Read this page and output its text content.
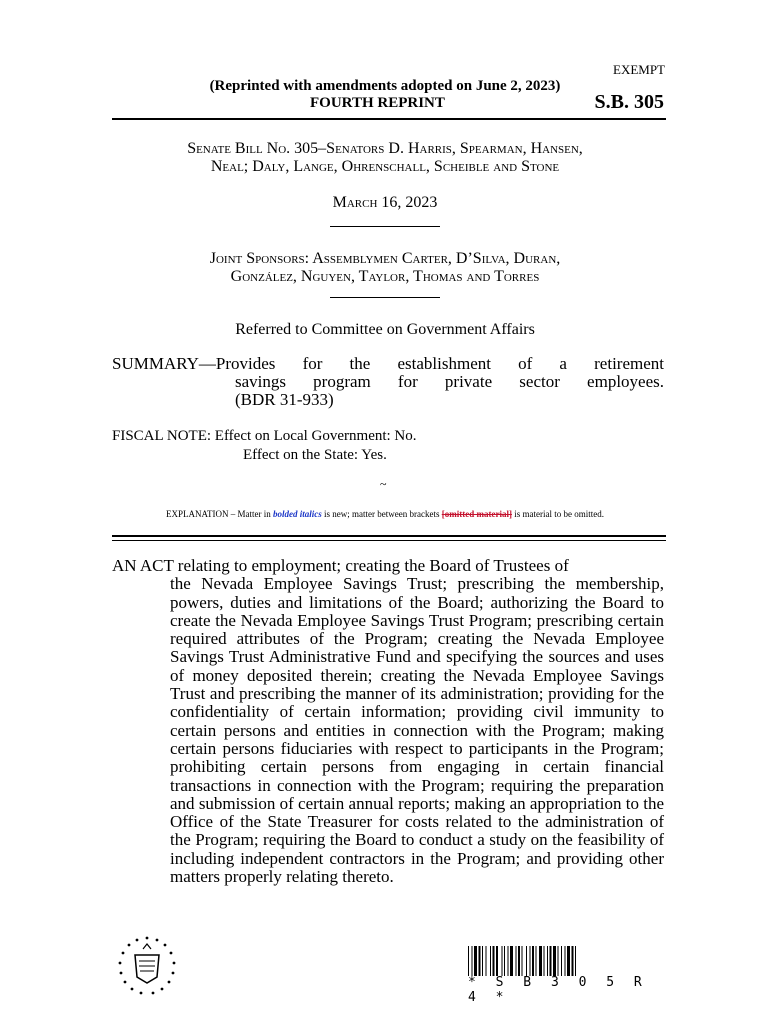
EXEMPT
(Reprinted with amendments adopted on June 2, 2023)
FOURTH REPRINT	S.B. 305
Senate Bill No. 305–Senators D. Harris, Spearman, Hansen,
Neal; Daly, Lange, Ohrenschall, Scheible and Stone
March 16, 2023
Joint Sponsors: Assemblymen Carter, D’Silva, Duran,
González, Nguyen, Taylor, Thomas and Torres
Referred to Committee on Government Affairs
SUMMARY—Provides for the establishment of a retirement
savings program for private sector employees.
(BDR 31-933)
FISCAL NOTE: Effect on Local Government: No.
Effect on the State: Yes.
~
EXPLANATION – Matter in bolded italics is new; matter between brackets [omitted material] is material to be omitted.

AN ACT relating to employment; creating the Board of Trustees of

the Nevada Employee Savings Trust; prescribing the membership, powers, duties and limitations of the Board; authorizing the Board to create the Nevada Employee Savings Trust Program; prescribing certain required attributes of the Program; creating the Nevada Employee Savings Trust Administrative Fund and specifying the sources and uses of money deposited therein; creating the Nevada Employee Savings Trust and prescribing the manner of its administration; providing for the confidentiality of certain information; providing civil immunity to certain persons and entities in connection with the Program; making certain persons fiduciaries with respect to participants in the Program; prohibiting certain persons from engaging in certain financial transactions in connection with the Program; requiring the preparation and submission of certain annual reports; making an appropriation to the Office of the State Treasurer for costs related to the administration of the Program; requiring the Board to conduct a study on the feasibility of including independent contractors in the Program; and providing other matters properly relating thereto.

* S B 3 0 5 R 4 *
